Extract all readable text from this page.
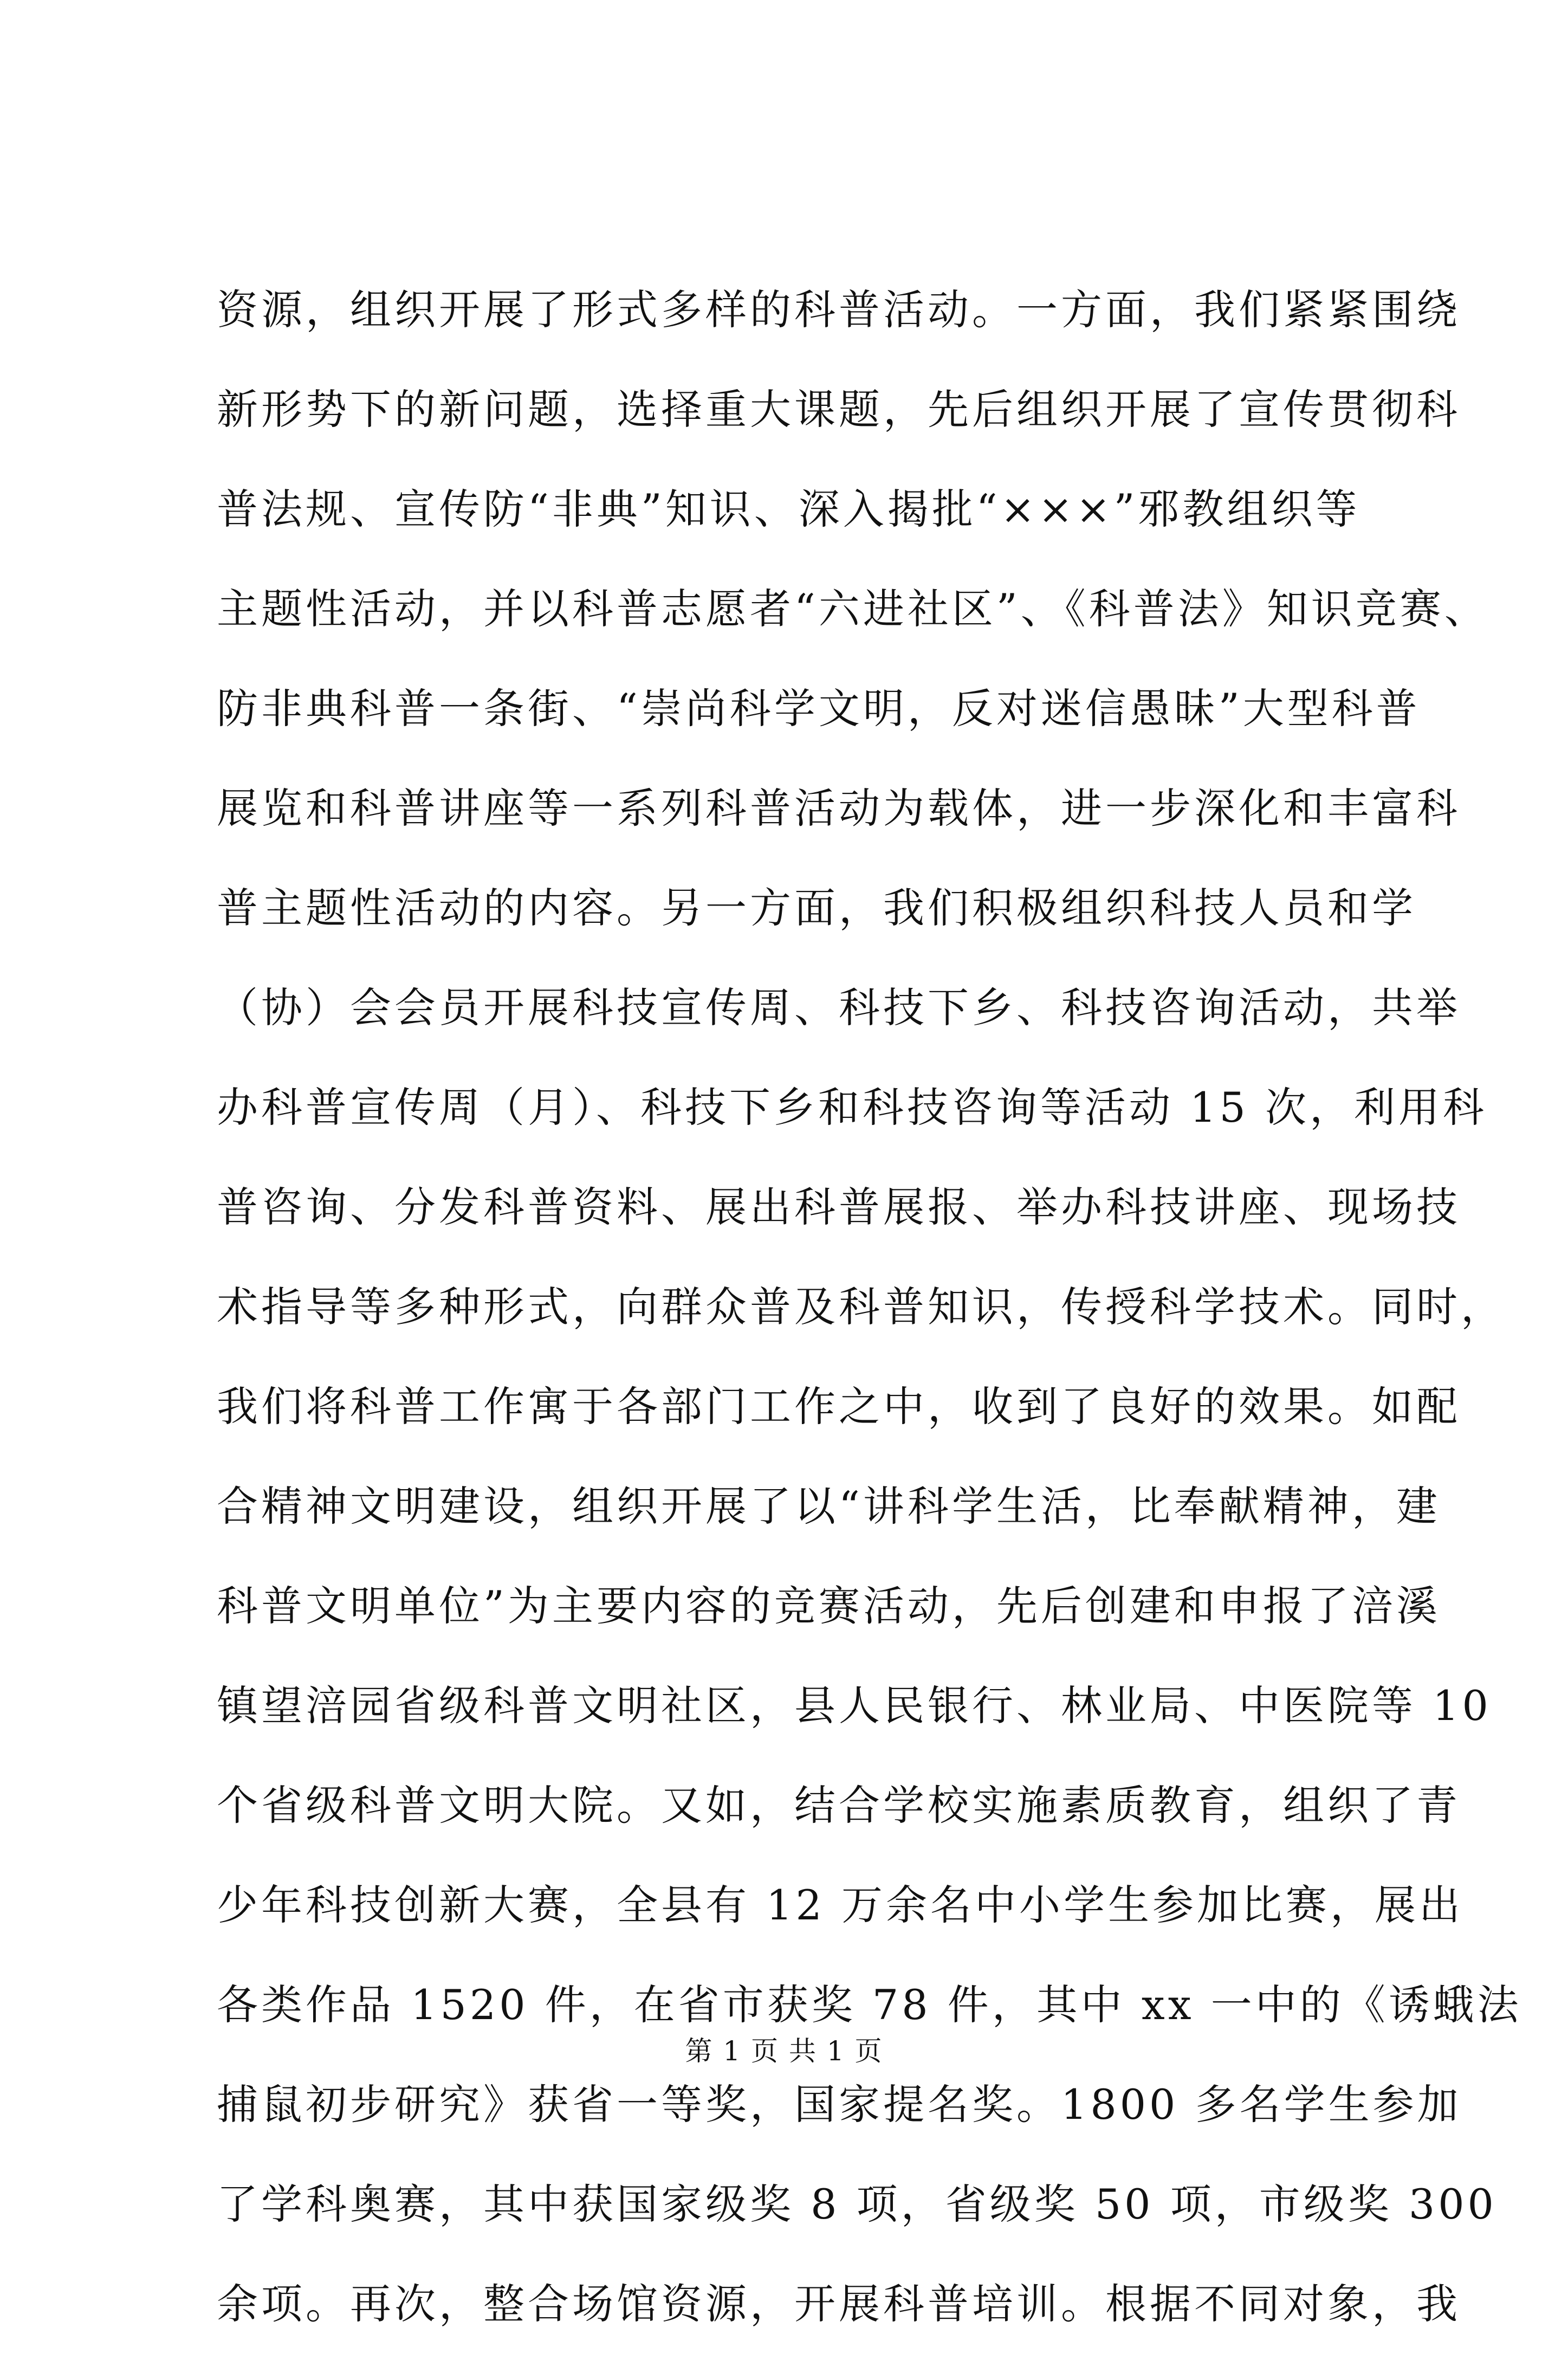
资源，组织开展了形式多样的科普活动。一方面，我们紧紧围绕
新形势下的新问题，选择重大课题，先后组织开展了宣传贯彻科
普法规、宣传防“非典”知识、深入揭批“×××”邪教组织等
主题性活动，并以科普志愿者“六进社区”、《科普法》知识竞赛、
防非典科普一条街、“崇尚科学文明，反对迷信愚昧”大型科普
展览和科普讲座等一系列科普活动为载体，进一步深化和丰富科
普主题性活动的内容。另一方面，我们积极组织科技人员和学
（协）会会员开展科技宣传周、科技下乡、科技咨询活动，共举
办科普宣传周（月）、科技下乡和科技咨询等活动 15 次，利用科
普咨询、分发科普资料、展出科普展报、举办科技讲座、现场技
术指导等多种形式，向群众普及科普知识，传授科学技术。同时，
我们将科普工作寓于各部门工作之中，收到了良好的效果。如配
合精神文明建设，组织开展了以“讲科学生活，比奉献精神，建
科普文明单位”为主要内容的竞赛活动，先后创建和申报了涪溪
镇望涪园省级科普文明社区，县人民银行、林业局、中医院等 10
个省级科普文明大院。又如，结合学校实施素质教育，组织了青
少年科技创新大赛，全县有 12 万余名中小学生参加比赛，展出
各类作品 1520 件，在省市获奖 78 件，其中 xx 一中的《诱蛾法
捕鼠初步研究》获省一等奖，国家提名奖。1800 多名学生参加
了学科奥赛，其中获国家级奖 8 项，省级奖 50 项，市级奖 300
余项。再次，整合场馆资源，开展科普培训。根据不同对象，我
第 1 页 共 1 页
